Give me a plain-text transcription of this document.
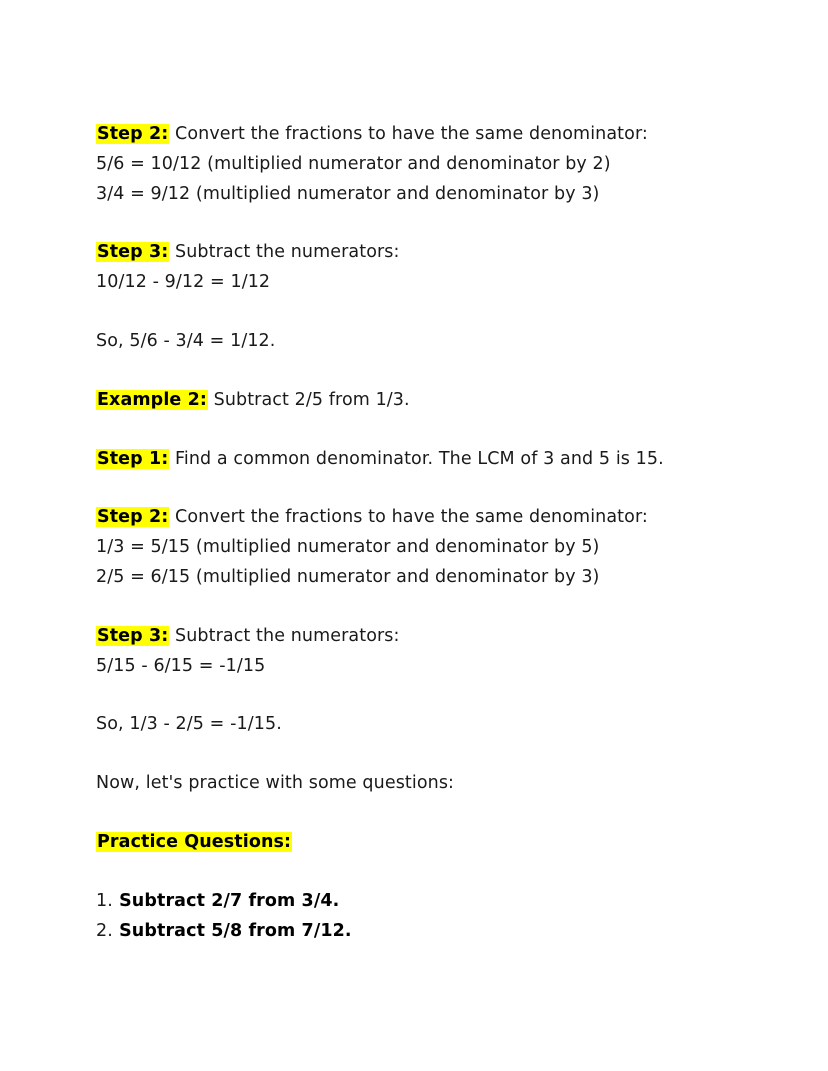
Step 2: Convert the fractions to have the same denominator:
5/6 = 10/12 (multiplied numerator and denominator by 2)
3/4 = 9/12 (multiplied numerator and denominator by 3)
Step 3: Subtract the numerators:
10/12 - 9/12 = 1/12
So, 5/6 - 3/4 = 1/12.
Example 2: Subtract 2/5 from 1/3.
Step 1: Find a common denominator. The LCM of 3 and 5 is 15.
Step 2: Convert the fractions to have the same denominator:
1/3 = 5/15 (multiplied numerator and denominator by 5)
2/5 = 6/15 (multiplied numerator and denominator by 3)
Step 3: Subtract the numerators:
5/15 - 6/15 = -1/15
So, 1/3 - 2/5 = -1/15.
Now, let's practice with some questions:
Practice Questions:
1. Subtract 2/7 from 3/4.
2. Subtract 5/8 from 7/12.
